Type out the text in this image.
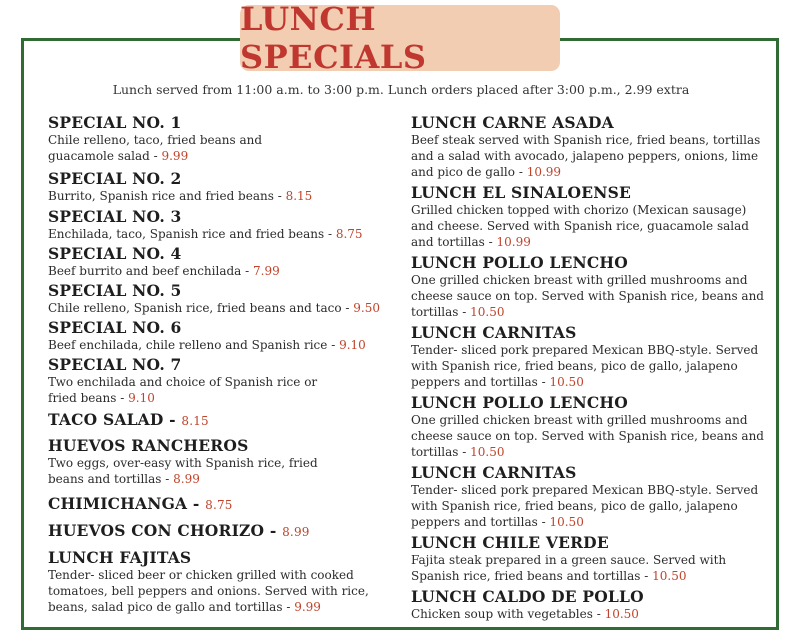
LUNCH SPECIALS
Lunch served from 11:00 a.m. to 3:00 p.m. Lunch orders placed after 3:00 p.m., 2.99 extra
SPECIAL NO. 1
Chile relleno, taco, fried beans and guacamole salad - 9.99
SPECIAL NO. 2
Burrito, Spanish rice and fried beans - 8.15
SPECIAL NO. 3
Enchilada, taco, Spanish rice and fried beans - 8.75
SPECIAL NO. 4
Beef burrito and beef enchilada - 7.99
SPECIAL NO. 5
Chile relleno, Spanish rice, fried beans and taco - 9.50
SPECIAL NO. 6
Beef enchilada, chile relleno and Spanish rice - 9.10
SPECIAL NO. 7
Two enchilada and choice of Spanish rice or fried beans - 9.10
TACO SALAD - 8.15
HUEVOS RANCHEROS
Two eggs, over-easy with Spanish rice, fried beans and tortillas - 8.99
CHIMICHANGA - 8.75
HUEVOS CON CHORIZO - 8.99
LUNCH FAJITAS
Tender- sliced beer or chicken grilled with cooked tomatoes, bell peppers and onions. Served with rice, beans, salad pico de gallo and tortillas - 9.99
LUNCH CARNE ASADA
Beef steak served with Spanish rice, fried beans, tortillas and a salad with avocado, jalapeno peppers, onions, lime and pico de gallo - 10.99
LUNCH EL SINALOENSE
Grilled chicken topped with chorizo (Mexican sausage) and cheese. Served with Spanish rice, guacamole salad and tortillas - 10.99
LUNCH POLLO LENCHO
One grilled chicken breast with grilled mushrooms and cheese sauce on top. Served with Spanish rice, beans and tortillas - 10.50
LUNCH CARNITAS
Tender- sliced pork prepared Mexican BBQ-style. Served with Spanish rice, fried beans, pico de gallo, jalapeno peppers and tortillas - 10.50
LUNCH POLLO LENCHO
One grilled chicken breast with grilled mushrooms and cheese sauce on top. Served with Spanish rice, beans and tortillas - 10.50
LUNCH CARNITAS
Tender- sliced pork prepared Mexican BBQ-style. Served with Spanish rice, fried beans, pico de gallo, jalapeno peppers and tortillas - 10.50
LUNCH CHILE VERDE
Fajita steak prepared in a green sauce. Served with Spanish rice, fried beans and tortillas - 10.50
LUNCH CALDO DE POLLO
Chicken soup with vegetables - 10.50
